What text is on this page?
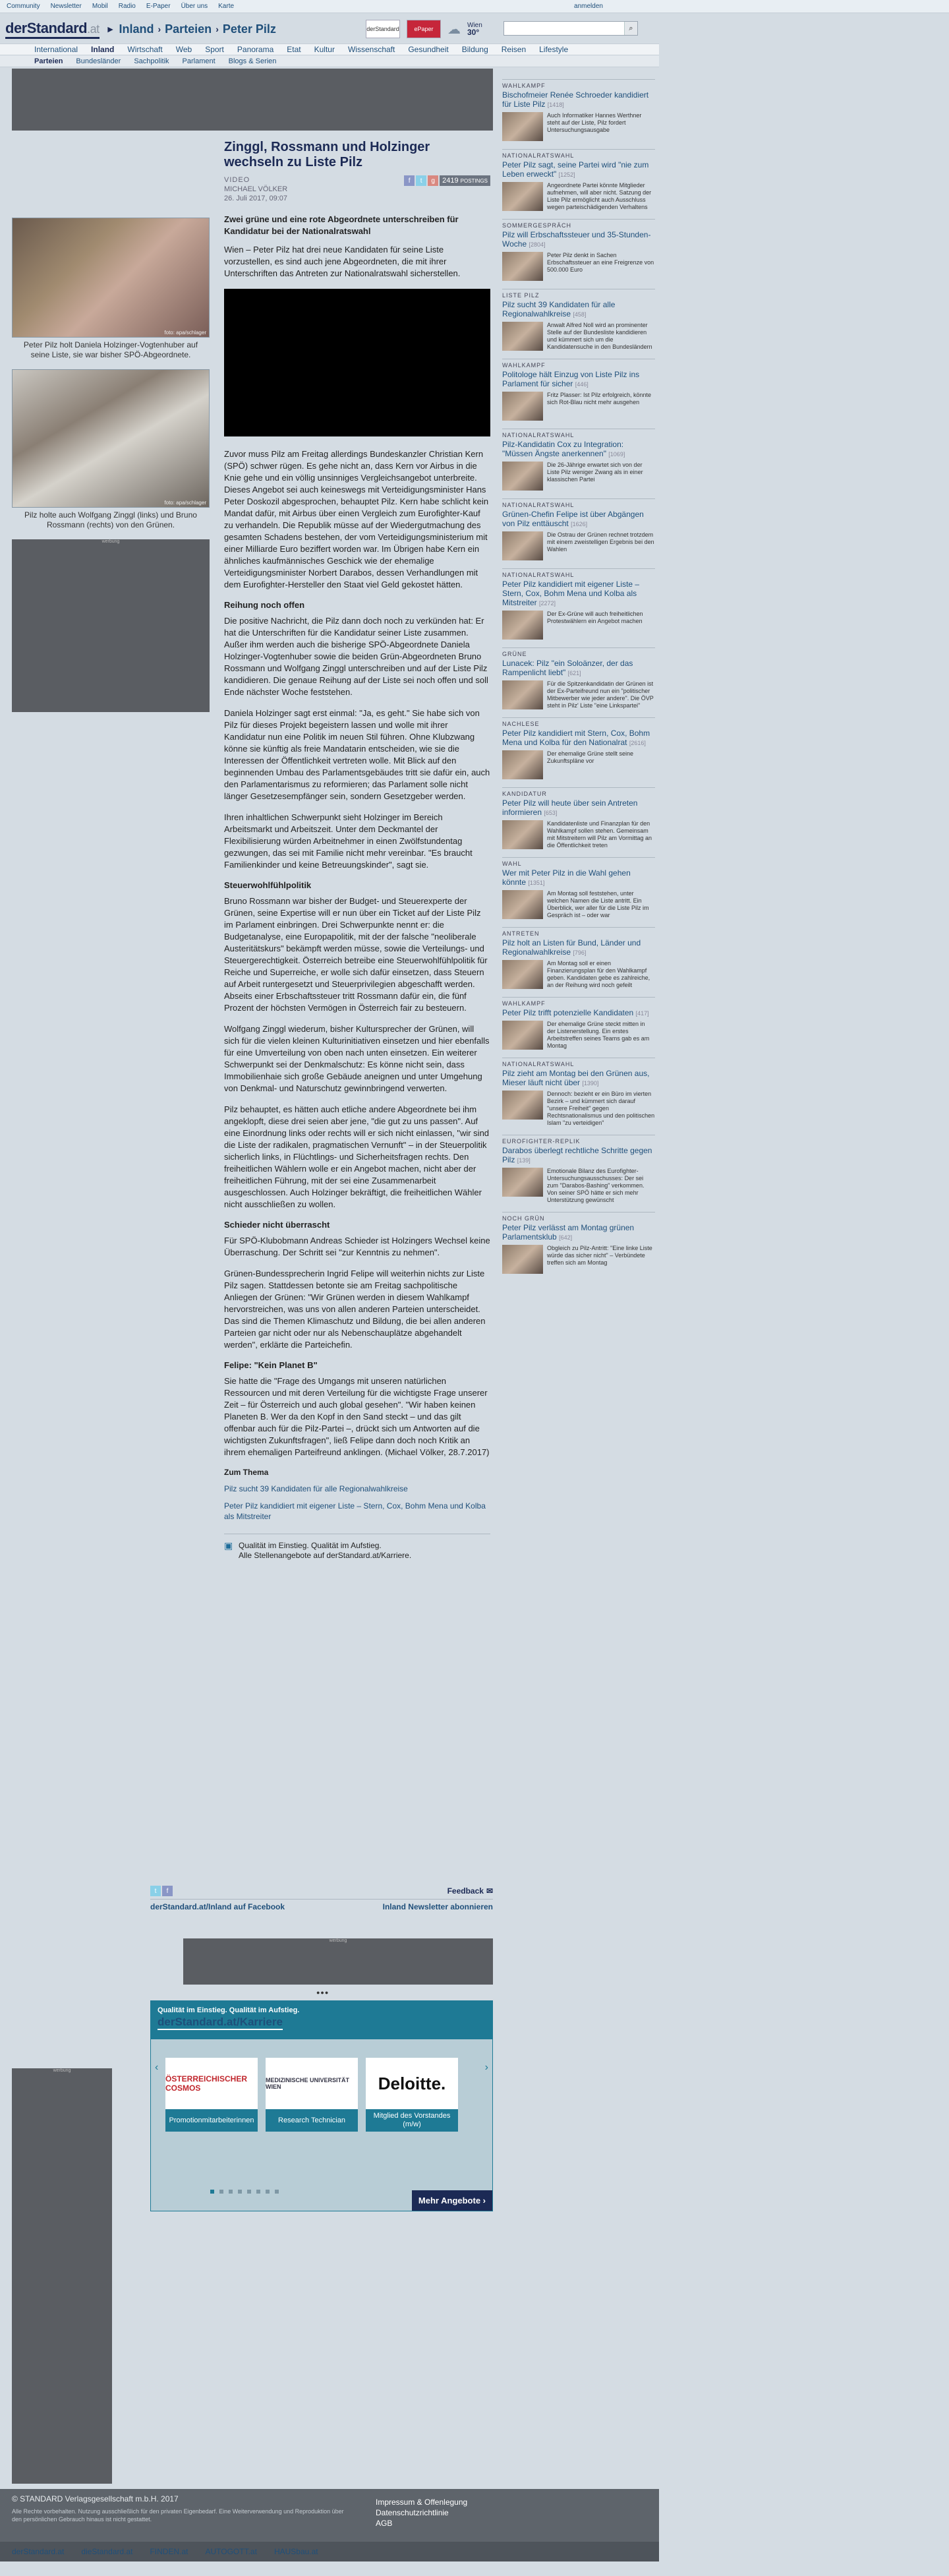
Community Newsletter Mobil Radio E-Paper Über uns Karte	anmelden
derStandard.at ► Inland › Parteien › Peter Pilz	derStandard	ePaper	☁ Wien
30°	⌕
International Inland Wirtschaft Web Sport Panorama Etat Kultur Wissenschaft Gesundheit Bildung Reisen Lifestyle
Parteien Bundesländer Sachpolitik Parlament Blogs & Serien
foto: apa/schlager
Peter Pilz holt Daniela Holzinger-Vogtenhuber auf seine Liste, sie war bisher SPÖ-Abgeordnete.
foto: apa/schlager
Pilz holte auch Wolfgang Zinggl (links) und Bruno Rossmann (rechts) von den Grünen.
werbung
Zinggl, Rossmann und Holzinger wechseln zu Liste Pilz
VIDEO
MICHAEL VÖLKER
26. Juli 2017, 09:07
f	t	g	2419 POSTINGS
Zwei grüne und eine rote Abgeordnete unterschreiben für Kandidatur bei der Nationalratswahl

Wien – Peter Pilz hat drei neue Kandidaten für seine Liste vorzustellen, es sind auch jene Abgeordneten, die mit ihrer Unterschriften das Antreten zur Nationalratswahl sicherstellen.

Zuvor muss Pilz am Freitag allerdings Bundeskanzler Christian Kern (SPÖ) schwer rügen. Es gehe nicht an, dass Kern vor Airbus in die Knie gehe und ein völlig unsinniges Vergleichsangebot unterbreite. Dieses Angebot sei auch keineswegs mit Verteidigungsminister Hans Peter Doskozil abgesprochen, behauptet Pilz. Kern habe schlicht kein Mandat dafür, mit Airbus über einen Vergleich zum Eurofighter-Kauf zu verhandeln. Die Republik müsse auf der Wiedergutmachung des gesamten Schadens bestehen, der vom Verteidigungsministerium mit einer Milliarde Euro beziffert worden war. Im Übrigen habe Kern ein ähnliches kaufmännisches Geschick wie der ehemalige Verteidigungsminister Norbert Darabos, dessen Verhandlungen mit dem Eurofighter-Hersteller den Staat viel Geld gekostet hätten.

Reihung noch offen

Die positive Nachricht, die Pilz dann doch noch zu verkünden hat: Er hat die Unterschriften für die Kandidatur seiner Liste zusammen. Außer ihm werden auch die bisherige SPÖ-Abgeordnete Daniela Holzinger-Vogtenhuber sowie die beiden Grün-Abgeordneten Bruno Rossmann und Wolfgang Zinggl unterschreiben und auf der Liste Pilz kandidieren. Die genaue Reihung auf der Liste sei noch offen und soll Ende nächster Woche feststehen.

Daniela Holzinger sagt erst einmal: "Ja, es geht." Sie habe sich von Pilz für dieses Projekt begeistern lassen und wolle mit ihrer Kandidatur nun eine Politik im neuen Stil führen. Ohne Klubzwang könne sie künftig als freie Mandatarin entscheiden, wie sie die Interessen der Öffentlichkeit vertreten wolle. Mit Blick auf den beginnenden Umbau des Parlamentsgebäudes tritt sie dafür ein, auch den Parlamentarismus zu reformieren; das Parlament solle nicht länger Gesetzesempfänger sein, sondern Gesetzgeber werden.

Ihren inhaltlichen Schwerpunkt sieht Holzinger im Bereich Arbeitsmarkt und Arbeitszeit. Unter dem Deckmantel der Flexibilisierung würden Arbeitnehmer in einen Zwölfstundentag gezwungen, das sei mit Familie nicht mehr vereinbar. "Es braucht Familienkinder und keine Betreuungskinder", sagt sie.

Steuerwohlfühlpolitik

Bruno Rossmann war bisher der Budget- und Steuerexperte der Grünen, seine Expertise will er nun über ein Ticket auf der Liste Pilz im Parlament einbringen. Drei Schwerpunkte nennt er: die Budgetanalyse, eine Europapolitik, mit der der falsche "neoliberale Austeritätskurs" bekämpft werden müsse, sowie die Verteilungs- und Steuergerechtigkeit. Österreich betreibe eine Steuerwohlfühlpolitik für Reiche und Superreiche, er wolle sich dafür einsetzen, dass Steuern auf Arbeit runtergesetzt und Steuerprivilegien abgeschafft werden. Abseits einer Erbschaftssteuer tritt Rossmann dafür ein, die fünf Prozent der höchsten Vermögen in Österreich fair zu besteuern.

Wolfgang Zinggl wiederum, bisher Kultursprecher der Grünen, will sich für die vielen kleinen Kulturinitiativen einsetzen und hier ebenfalls für eine Umverteilung von oben nach unten einsetzen. Ein weiterer Schwerpunkt sei der Denkmalschutz: Es könne nicht sein, dass Immobilienhaie sich große Gebäude aneignen und unter Umgehung von Denkmal- und Naturschutz gewinnbringend verwerten.

Pilz behauptet, es hätten auch etliche andere Abgeordnete bei ihm angeklopft, diese drei seien aber jene, "die gut zu uns passen". Auf eine Einordnung links oder rechts will er sich nicht einlassen, "wir sind die Liste der radikalen, pragmatischen Vernunft" – in der Steuerpolitik sicherlich links, in Flüchtlings- und Sicherheitsfragen rechts. Den freiheitlichen Wählern wolle er ein Angebot machen, nicht aber der freiheitlichen Führung, mit der sei eine Zusammenarbeit ausgeschlossen. Auch Holzinger bekräftigt, die freiheitlichen Wähler nicht ausschließen zu wollen.

Schieder nicht überrascht

Für SPÖ-Klubobmann Andreas Schieder ist Holzingers Wechsel keine Überraschung. Der Schritt sei "zur Kenntnis zu nehmen".

Grünen-Bundessprecherin Ingrid Felipe will weiterhin nichts zur Liste Pilz sagen. Stattdessen betonte sie am Freitag sachpolitische Anliegen der Grünen: "Wir Grünen werden in diesem Wahlkampf hervorstreichen, was uns von allen anderen Parteien unterscheidet. Das sind die Themen Klimaschutz und Bildung, die bei allen anderen Parteien gar nicht oder nur als Nebenschauplätze abgehandelt werden", erklärte die Parteichefin.

Felipe: "Kein Planet B"

Sie hatte die "Frage des Umgangs mit unseren natürlichen Ressourcen und mit deren Verteilung für die wichtigste Frage unserer Zeit – für Österreich und auch global gesehen". "Wir haben keinen Planeten B. Wer da den Kopf in den Sand steckt – und das gilt offenbar auch für die Pilz-Partei –, drückt sich um Antworten auf die wichtigsten Zukunftsfragen", ließ Felipe dann doch noch Kritik an ihrem ehemaligen Parteifreund anklingen. (Michael Völker, 28.7.2017)

Zum Thema
Pilz sucht 39 Kandidaten für alle Regionalwahlkreise
Peter Pilz kandidiert mit eigener Liste – Stern, Cox, Bohm Mena und Kolba als Mitstreiter
▣ Qualität im Einstieg. Qualität im Aufstieg.
Alle Stellenangebote auf derStandard.at/Karriere.
t	f	Feedback ✉
derStandard.at/Inland auf Facebook	Inland Newsletter abonnieren
werbung
●●●
Qualität im Einstieg. Qualität im Aufstieg.
derStandard.at/Karriere
‹	›
ÖSTERREICHISCHER COSMOS
Promotionmitarbeiterinnen
MEDIZINISCHE UNIVERSITÄT WIEN
Research Technician
Deloitte.
Mitglied des Vorstandes (m/w)
Mehr Angebote ›
werbung
WAHLKAMPF
Bischofmeier Renée Schroeder kandidiert für Liste Pilz [1418]
Auch Informatiker Hannes Werthner steht auf der Liste, Pilz fordert Untersuchungsausgabe
NATIONALRATSWAHL
Peter Pilz sagt, seine Partei wird "nie zum Leben erweckt" [1252]
Angeordnete Partei könnte Mitglieder aufnehmen, will aber nicht. Satzung der Liste Pilz ermöglicht auch Ausschluss wegen parteischädigenden Verhaltens
SOMMERGESPRÄCH
Pilz will Erbschaftssteuer und 35-Stunden-Woche [2804]
Peter Pilz denkt in Sachen Erbschaftssteuer an eine Freigrenze von 500.000 Euro
LISTE PILZ
Pilz sucht 39 Kandidaten für alle Regionalwahlkreise [458]
Anwalt Alfred Noll wird an prominenter Stelle auf der Bundesliste kandidieren und kümmert sich um die Kandidatensuche in den Bundesländern
WAHLKAMPF
Politologe hält Einzug von Liste Pilz ins Parlament für sicher [446]
Fritz Plasser: Ist Pilz erfolgreich, könnte sich Rot-Blau nicht mehr ausgehen
NATIONALRATSWAHL
Pilz-Kandidatin Cox zu Integration: "Müssen Ängste anerkennen" [1069]
Die 26-Jährige erwartet sich von der Liste Pilz weniger Zwang als in einer klassischen Partei
NATIONALRATSWAHL
Grünen-Chefin Felipe ist über Abgängen von Pilz enttäuscht [1626]
Die Ostrau der Grünen rechnet trotzdem mit einem zweistelligen Ergebnis bei den Wahlen
NATIONALRATSWAHL
Peter Pilz kandidiert mit eigener Liste – Stern, Cox, Bohm Mena und Kolba als Mitstreiter [2272]
Der Ex-Grüne will auch freiheitlichen Protestwählern ein Angebot machen
GRÜNE
Lunacek: Pilz "ein Soloänzer, der das Rampenlicht liebt" [621]
Für die Spitzenkandidatin der Grünen ist der Ex-Parteifreund nun ein "politischer Mitbewerber wie jeder andere". Die ÖVP steht in Pilz' Liste "eine Linkspartei"
NACHLESE
Peter Pilz kandidiert mit Stern, Cox, Bohm Mena und Kolba für den Nationalrat [2616]
Der ehemalige Grüne stellt seine Zukunftspläne vor
KANDIDATUR
Peter Pilz will heute über sein Antreten informieren [653]
Kandidatenliste und Finanzplan für den Wahlkampf sollen stehen. Gemeinsam mit Mitstreitern will Pilz am Vormittag an die Öffentlichkeit treten
WAHL
Wer mit Peter Pilz in die Wahl gehen könnte [1351]
Am Montag soll feststehen, unter welchen Namen die Liste antritt. Ein Überblick, wer aller für die Liste Pilz im Gespräch ist – oder war
ANTRETEN
Pilz holt an Listen für Bund, Länder und Regionalwahlkreise [796]
Am Montag soll er einen Finanzierungsplan für den Wahlkampf geben. Kandidaten gebe es zahlreiche, an der Reihung wird noch gefeilt
WAHLKAMPF
Peter Pilz trifft potenzielle Kandidaten [417]
Der ehemalige Grüne steckt mitten in der Listenerstellung. Ein erstes Arbeitstreffen seines Teams gab es am Montag
NATIONALRATSWAHL
Pilz zieht am Montag bei den Grünen aus, Mieser läuft nicht über [1390]
Dennoch: bezieht er ein Büro im vierten Bezirk – und kümmert sich darauf "unsere Freiheit" gegen Rechtsnationalismus und den politischen Islam "zu verteidigen"
EUROFIGHTER-REPLIK
Darabos überlegt rechtliche Schritte gegen Pilz [139]
Emotionale Bilanz des Eurofighter-Untersuchungsausschusses: Der sei zum "Darabos-Bashing" verkommen. Von seiner SPÖ hätte er sich mehr Unterstützung gewünscht
NOCH GRÜN
Peter Pilz verlässt am Montag grünen Parlamentsklub [642]
Obgleich zu Pilz-Antritt: "Eine linke Liste würde das sicher nicht" – Verbündete treffen sich am Montag
© STANDARD Verlagsgesellschaft m.b.H. 2017
Alle Rechte vorbehalten. Nutzung ausschließlich für den privaten Eigenbedarf. Eine Weiterverwendung und Reproduktion über den persönlichen Gebrauch hinaus ist nicht gestattet.
Impressum & Offenlegung
Datenschutzrichtlinie
AGB
derStandard.at dieStandard.at FINDEN.at AUTOGOTT.at HAUSbau.at
